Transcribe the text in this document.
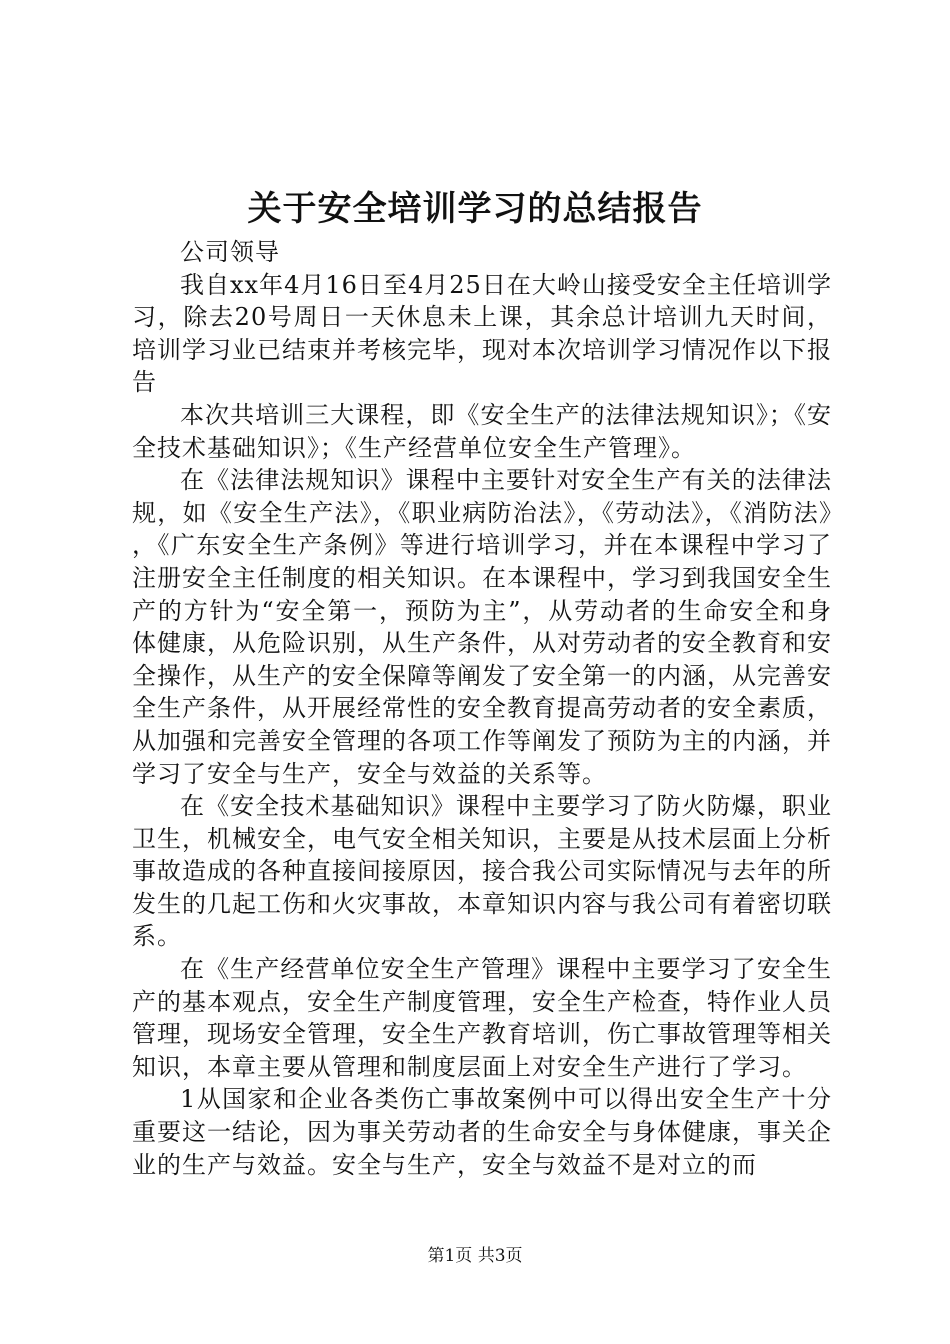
关于安全培训学习的总结报告

公司领导

我自xx年4月16日至4月25日在大岭山接受安全主任培训学习，除去20号周日一天休息未上课，其余总计培训九天时间，培训学习业已结束并考核完毕，现对本次培训学习情况作以下报告

本次共培训三大课程，即《安全生产的法律法规知识》；《安全技术基础知识》；《生产经营单位安全生产管理》。

在《法律法规知识》课程中主要针对安全生产有关的法律法规，如《安全生产法》，《职业病防治法》，《劳动法》，《消防法》，《广东安全生产条例》等进行培训学习，并在本课程中学习了注册安全主任制度的相关知识。在本课程中，学习到我国安全生产的方针为“安全第一，预防为主”，从劳动者的生命安全和身体健康，从危险识别，从生产条件，从对劳动者的安全教育和安全操作，从生产的安全保障等阐发了安全第一的内涵，从完善安全生产条件，从开展经常性的安全教育提高劳动者的安全素质，从加强和完善安全管理的各项工作等阐发了预防为主的内涵，并学习了安全与生产，安全与效益的关系等。

在《安全技术基础知识》课程中主要学习了防火防爆，职业卫生，机械安全，电气安全相关知识，主要是从技术层面上分析事故造成的各种直接间接原因，接合我公司实际情况与去年的所发生的几起工伤和火灾事故，本章知识内容与我公司有着密切联系。

在《生产经营单位安全生产管理》课程中主要学习了安全生产的基本观点，安全生产制度管理，安全生产检查，特作业人员管理，现场安全管理，安全生产教育培训，伤亡事故管理等相关知识，本章主要从管理和制度层面上对安全生产进行了学习。

1从国家和企业各类伤亡事故案例中可以得出安全生产十分重要这一结论，因为事关劳动者的生命安全与身体健康，事关企业的生产与效益。安全与生产，安全与效益不是对立的而

第1页 共3页
